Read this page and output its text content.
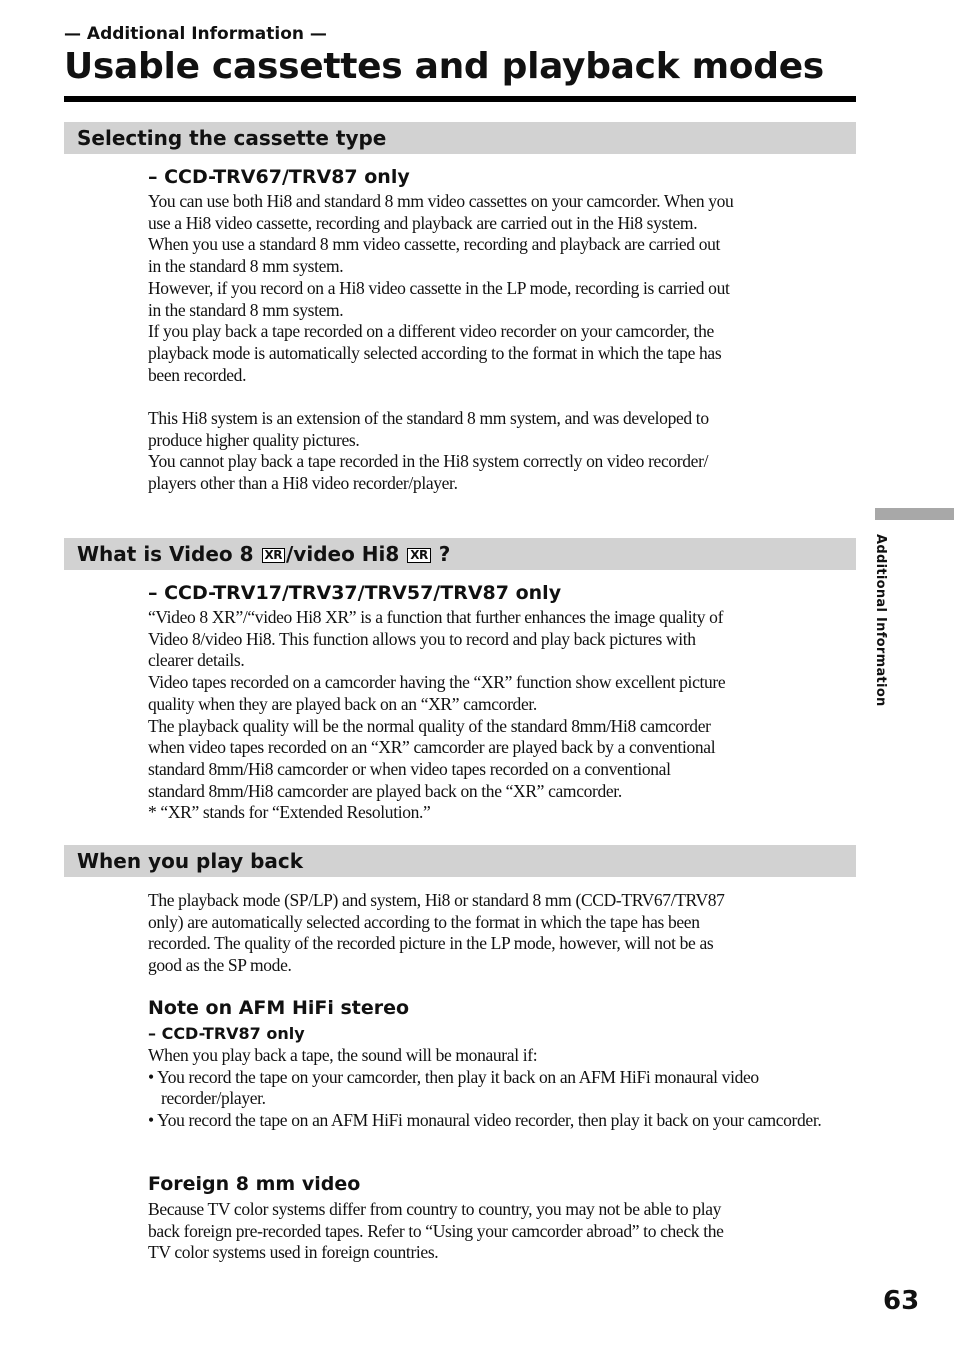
— Additional Information —
Usable cassettes and playback modes
Selecting the cassette type
– CCD-TRV67/TRV87 only

You can use both Hi8 and standard 8 mm video cassettes on your camcorder. When you

use a Hi8 video cassette, recording and playback are carried out in the Hi8 system.

When you use a standard 8 mm video cassette, recording and playback are carried out

in the standard 8 mm system.

However, if you record on a Hi8 video cassette in the LP mode, recording is carried out

in the standard 8 mm system.

If you play back a tape recorded on a different video recorder on your camcorder, the

playback mode is automatically selected according to the format in which the tape has

been recorded.

This Hi8 system is an extension of the standard 8 mm system, and was developed to

produce higher quality pictures.

You cannot play back a tape recorded in the Hi8 system correctly on video recorder/

players other than a Hi8 video recorder/player.

What is Video 8 XR /video Hi8 XR ?
– CCD-TRV17/TRV37/TRV57/TRV87 only

“Video 8 XR”/“video Hi8 XR” is a function that further enhances the image quality of

Video 8/video Hi8. This function allows you to record and play back pictures with

clearer details.

Video tapes recorded on a camcorder having the “XR” function show excellent picture

quality when they are played back on an “XR” camcorder.

The playback quality will be the normal quality of the standard 8mm/Hi8 camcorder

when video tapes recorded on an “XR” camcorder are played back by a conventional

standard 8mm/Hi8 camcorder or when video tapes recorded on a conventional

standard 8mm/Hi8 camcorder are played back on the “XR” camcorder.

* “XR” stands for “Extended Resolution.”

When you play back

The playback mode (SP/LP) and system, Hi8 or standard 8 mm (CCD-TRV67/TRV87

only) are automatically selected according to the format in which the tape has been

recorded. The quality of the recorded picture in the LP mode, however, will not be as

good as the SP mode.

Note on AFM HiFi stereo
– CCD-TRV87 only

When you play back a tape, the sound will be monaural if:

• You record the tape on your camcorder, then play it back on an AFM HiFi monaural video recorder/player.

• You record the tape on an AFM HiFi monaural video recorder, then play it back on your camcorder.

Foreign 8 mm video

Because TV color systems differ from country to country, you may not be able to play

back foreign pre-recorded tapes. Refer to “Using your camcorder abroad” to check the

TV color systems used in foreign countries.

Additional Information
63
